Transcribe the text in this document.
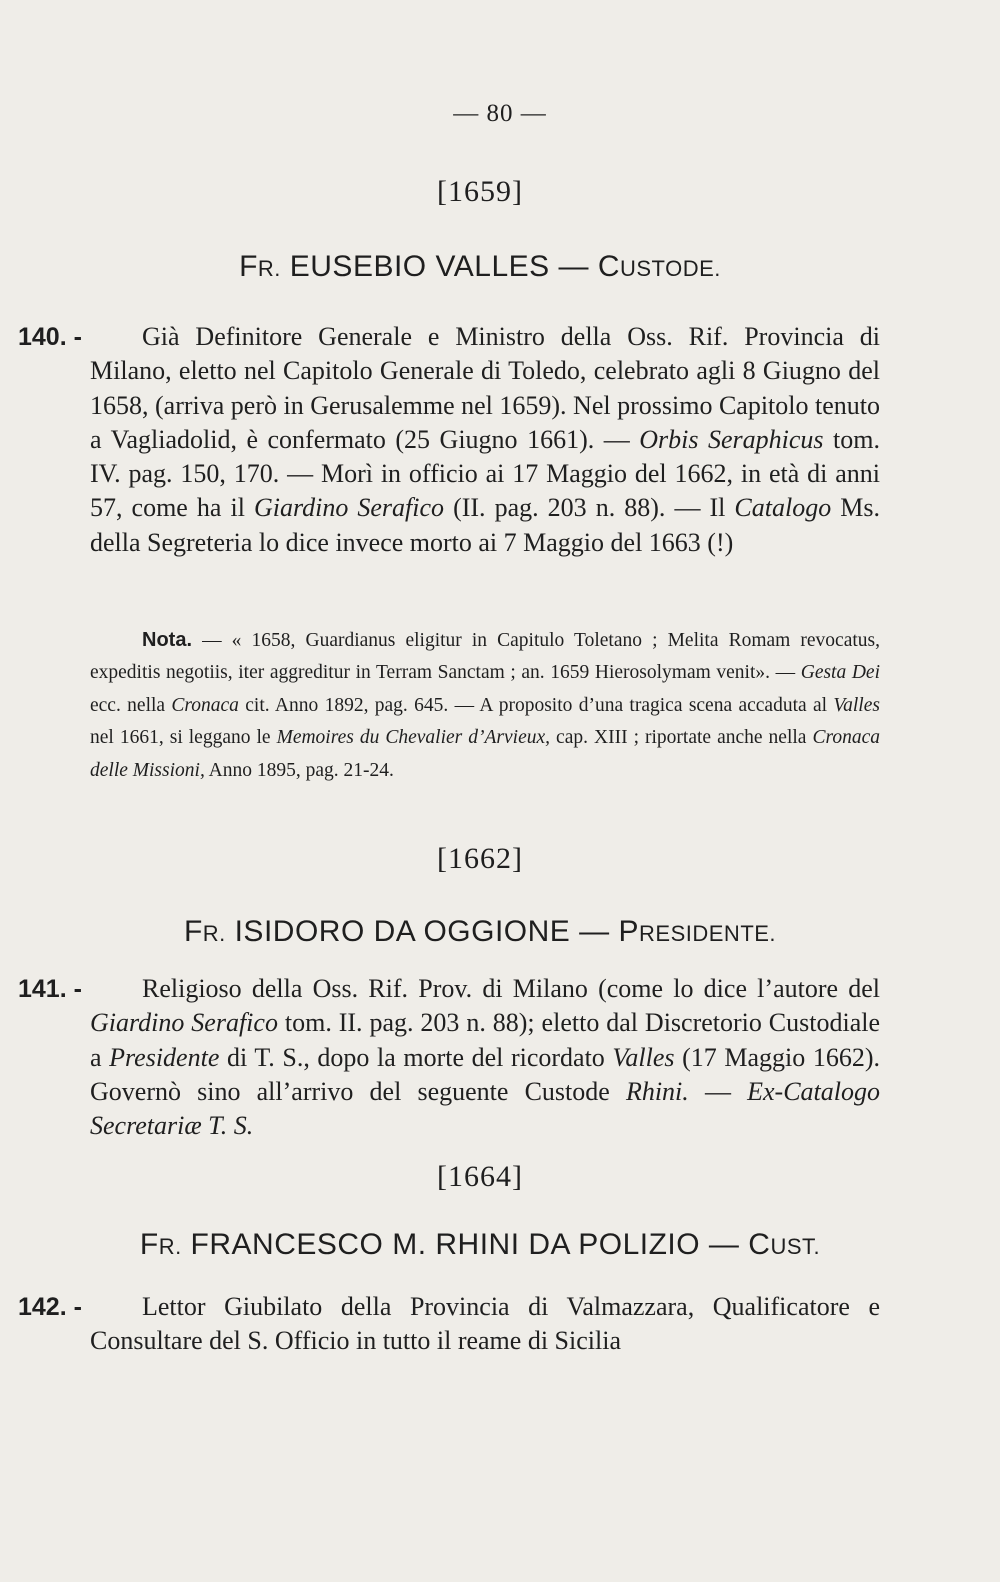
— 80 —
[1659]
FR. EUSEBIO VALLES — CUSTODE.
140. -	Già Definitore Generale e Ministro della Oss. Rif. Provincia di Milano, eletto nel Capitolo Generale di Toledo, celebrato agli 8 Giugno del 1658, (arriva però in Gerusalemme nel 1659). Nel prossimo Capitolo tenuto a Vagliadolid, è confermato (25 Giugno 1661). — Orbis Seraphicus tom. IV. pag. 150, 170. — Morì in officio ai 17 Maggio del 1662, in età di anni 57, come ha il Giardino Serafico (II. pag. 203 n. 88). — Il Catalogo Ms. della Segreteria lo dice invece morto ai 7 Maggio del 1663 (!)
Nota. — « 1658, Guardianus eligitur in Capitulo Toletano ; Melita Romam revocatus, expeditis negotiis, iter aggreditur in Terram Sanctam ; an. 1659 Hierosolymam venit». — Gesta Dei ecc. nella Cronaca cit. Anno 1892, pag. 645. — A proposito d’una tragica scena accaduta al Valles nel 1661, si leggano le Memoires du Chevalier d’Arvieux, cap. XIII ; riportate anche nella Cronaca delle Missioni, Anno 1895, pag. 21-24.
[1662]
FR. ISIDORO DA OGGIONE — PRESIDENTE.
141. -	Religioso della Oss. Rif. Prov. di Milano (come lo dice l’autore del Giardino Serafico tom. II. pag. 203 n. 88); eletto dal Discretorio Custodiale a Presidente di T. S., dopo la morte del ricordato Valles (17 Maggio 1662). Governò sino all’arrivo del seguente Custode Rhini. — Ex-Catalogo Secretariæ T. S.
[1664]
FR. FRANCESCO M. RHINI DA POLIZIO — CUST.
142. -	Lettor Giubilato della Provincia di Valmazzara, Qualificatore e Consultare del S. Officio in tutto il reame di Sicilia
